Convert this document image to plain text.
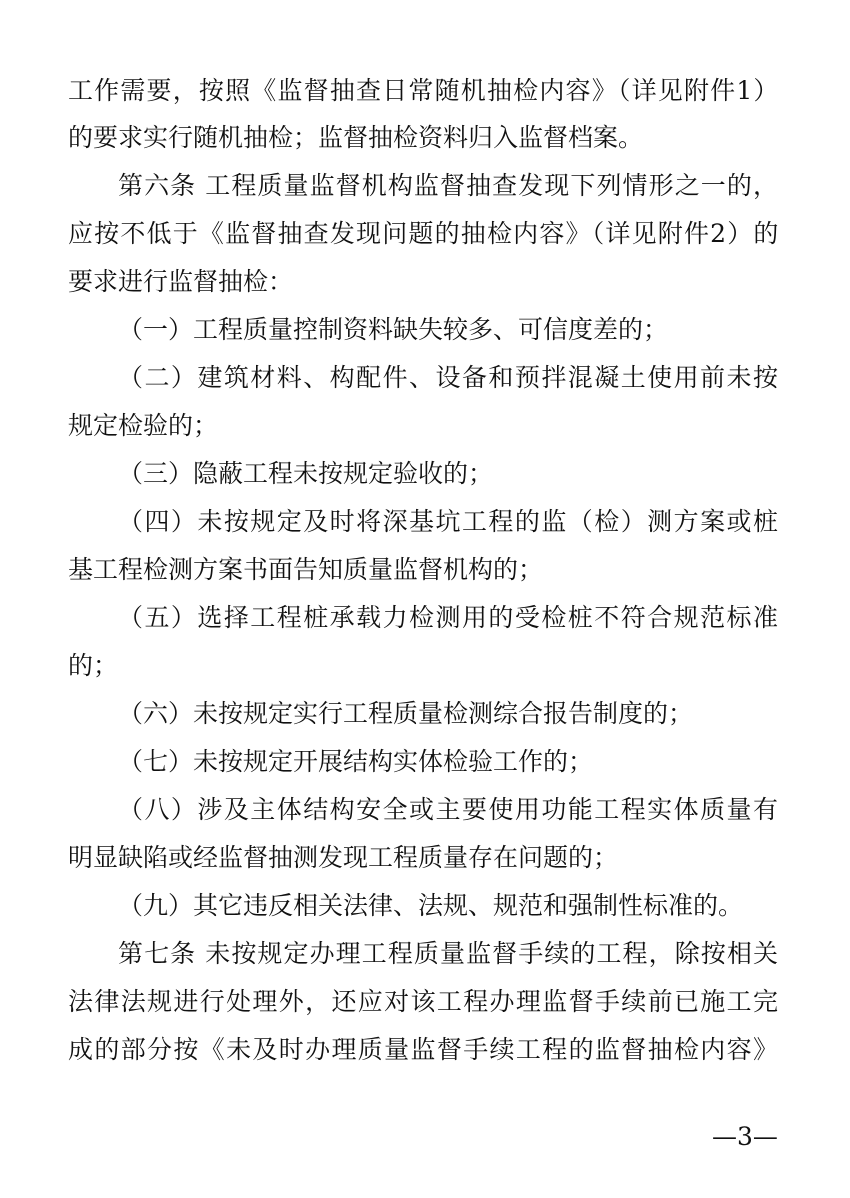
工作需要，按照《监督抽查日常随机抽检内容》（详见附件1）
的要求实行随机抽检；监督抽检资料归入监督档案。
第六条 工程质量监督机构监督抽查发现下列情形之一的，
应按不低于《监督抽查发现问题的抽检内容》（详见附件2）的
要求进行监督抽检：
（一）工程质量控制资料缺失较多、可信度差的；
（二）建筑材料、构配件、设备和预拌混凝土使用前未按
规定检验的；
（三）隐蔽工程未按规定验收的；
（四）未按规定及时将深基坑工程的监（检）测方案或桩
基工程检测方案书面告知质量监督机构的；
（五）选择工程桩承载力检测用的受检桩不符合规范标准
的；
（六）未按规定实行工程质量检测综合报告制度的；
（七）未按规定开展结构实体检验工作的；
（八）涉及主体结构安全或主要使用功能工程实体质量有
明显缺陷或经监督抽测发现工程质量存在问题的；
（九）其它违反相关法律、法规、规范和强制性标准的。
第七条 未按规定办理工程质量监督手续的工程，除按相关
法律法规进行处理外，还应对该工程办理监督手续前已施工完
成的部分按《未及时办理质量监督手续工程的监督抽检内容》
—3—
